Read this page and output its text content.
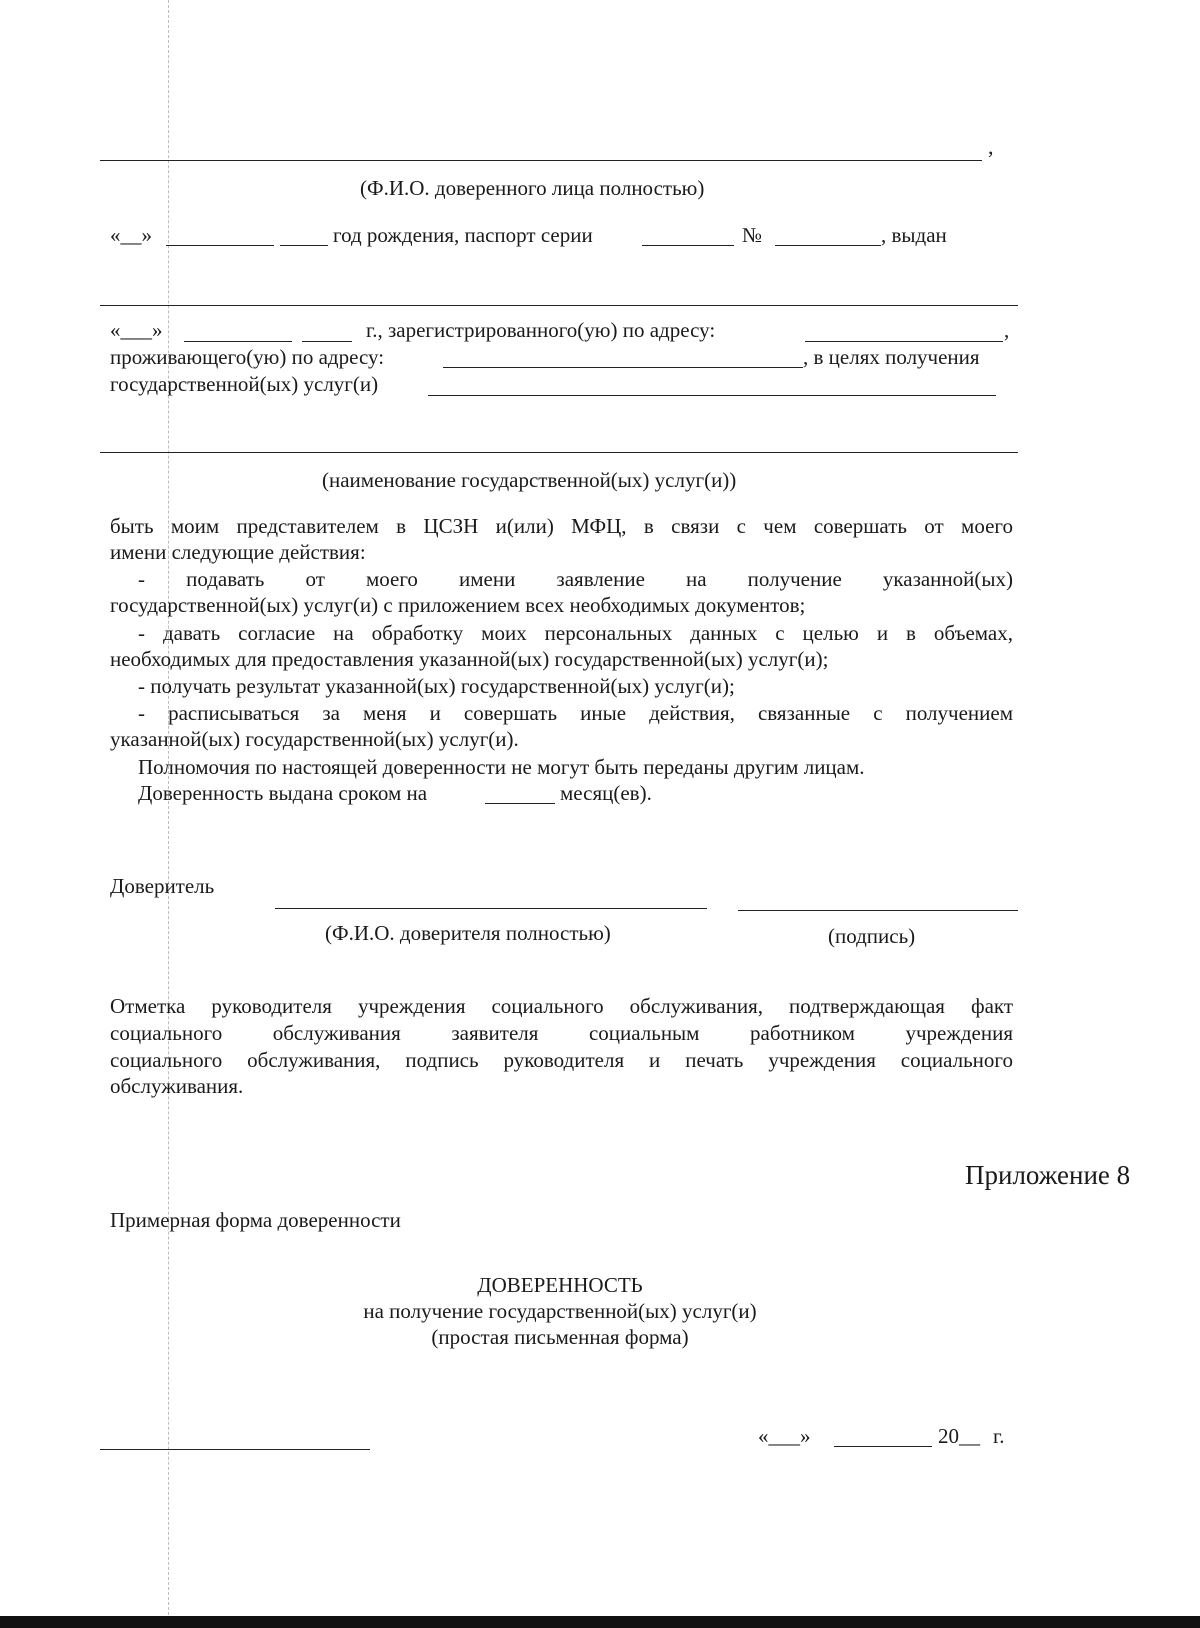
,
(Ф.И.О. доверенного лица полностью)
«__»	год рождения, паспорт серии	№	, выдан
«___»	г., зарегистрированного(ую) по адресу:	,
проживающего(ую) по адресу:	, в целях получения
государственной(ых) услуг(и)
(наименование государственной(ых) услуг(и))
быть моим представителем в ЦСЗН и(или) МФЦ, в связи с чем совершать от моего
имени следующие действия:
- подавать от моего имени заявление на получение указанной(ых)
государственной(ых) услуг(и) с приложением всех необходимых документов;
- давать согласие на обработку моих персональных данных с целью и в объемах,
необходимых для предоставления указанной(ых) государственной(ых) услуг(и);
- получать результат указанной(ых) государственной(ых) услуг(и);
- расписываться за меня и совершать иные действия, связанные с получением
указанной(ых) государственной(ых) услуг(и).
Полномочия по настоящей доверенности не могут быть переданы другим лицам.
Доверенность выдана сроком на	месяц(ев).
Доверитель
(Ф.И.О. доверителя полностью)	(подпись)
Отметка руководителя учреждения социального обслуживания, подтверждающая факт
социального обслуживания заявителя социальным работником учреждения
социального обслуживания, подпись руководителя и печать учреждения социального
обслуживания.
Приложение 8
Примерная форма доверенности
ДОВЕРЕННОСТЬ
на получение государственной(ых) услуг(и)
(простая письменная форма)
«___»	20__ г.
